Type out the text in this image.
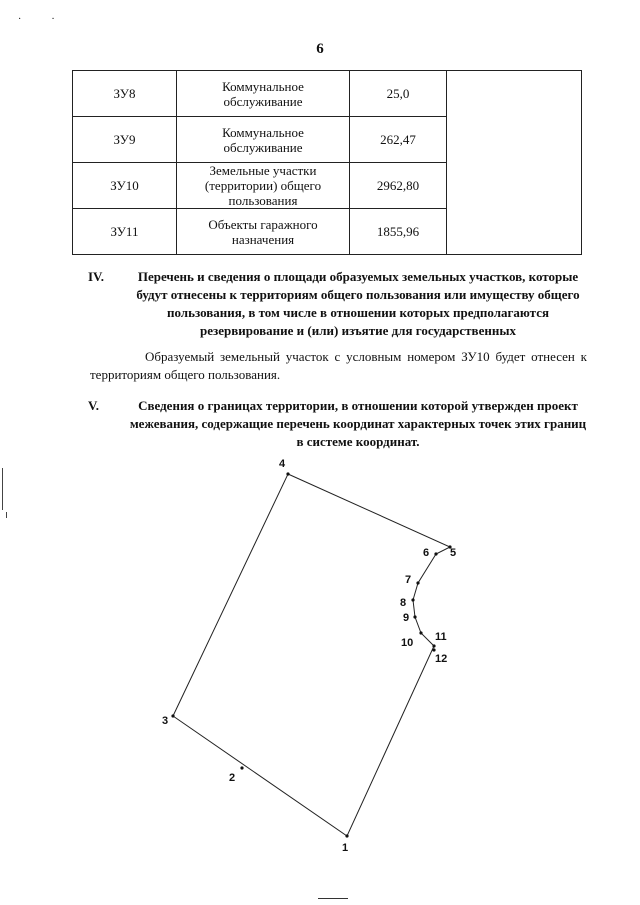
·            ·
6
ЗУ8	Коммунальное обслуживание	25,0	
ЗУ9	Коммунальное обслуживание	262,47	
ЗУ10	Земельные участки (территории) общего пользования	2962,80	
ЗУ11	Объекты гаражного назначения	1855,96	
IV.	Перечень и сведения о площади образуемых земельных участков, которые будут отнесены к территориям общего пользования или имуществу общего пользования, в том числе в отношении которых предполагаются резервирование и (или) изъятие для государственных
Образуемый земельный участок с условным номером ЗУ10 будет отнесен к территориям общего пользования.
V.	Сведения о границах территории, в отношении которой утвержден проект межевания, содержащие перечень координат характерных точек этих границ в системе координат.
1
2
3
4
5
6
7
8
9
10 11
12
